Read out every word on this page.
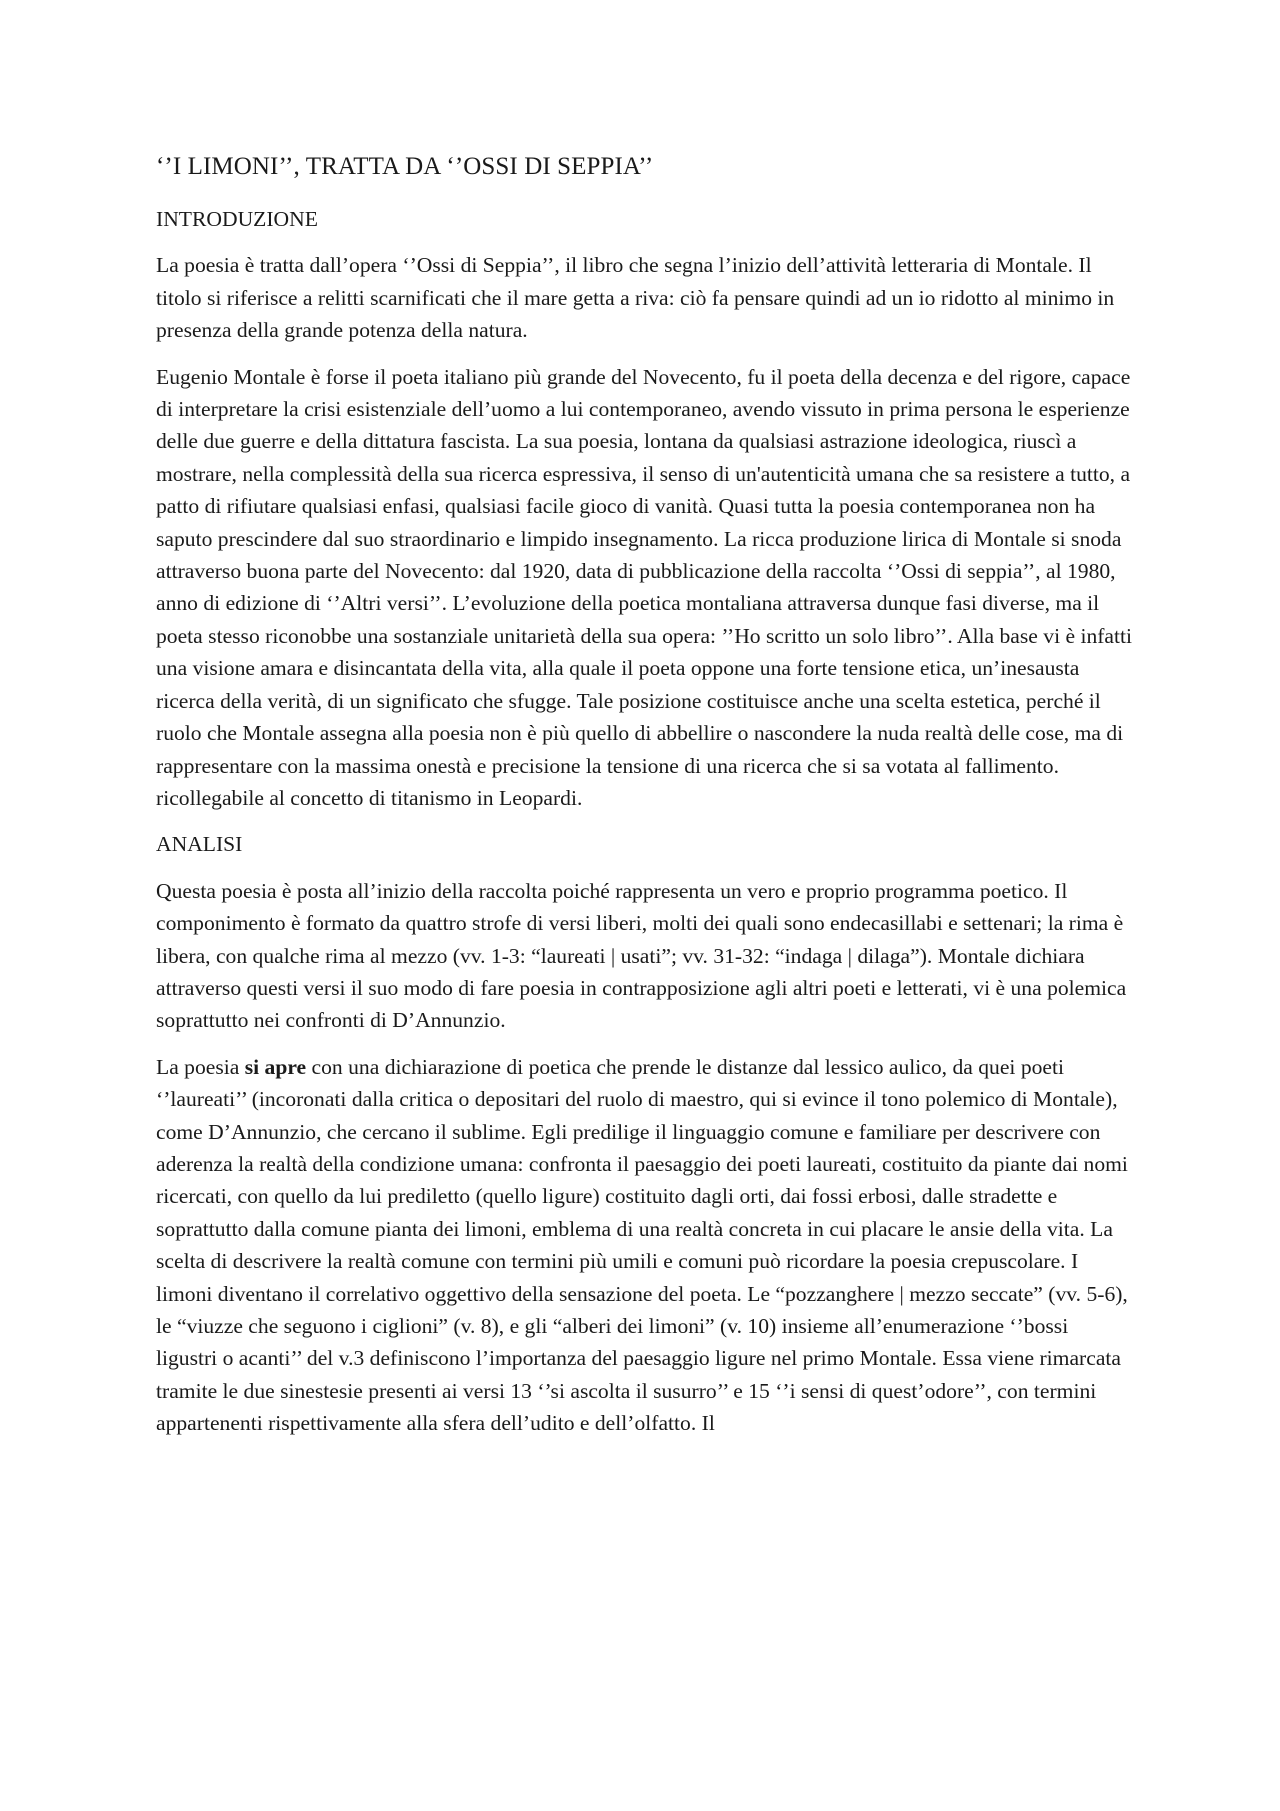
‘’I LIMONI’’, TRATTA DA ‘’OSSI DI SEPPIA’’
INTRODUZIONE

La poesia è tratta dall’opera ‘’Ossi di Seppia’’, il libro che segna l’inizio dell’attività letteraria di Montale. Il titolo si riferisce a relitti scarnificati che il mare getta a riva: ciò fa pensare quindi ad un io ridotto al minimo in presenza della grande potenza della natura.

Eugenio Montale è forse il poeta italiano più grande del Novecento, fu il poeta della decenza e del rigore, capace di interpretare la crisi esistenziale dell’uomo a lui contemporaneo, avendo vissuto in prima persona le esperienze delle due guerre e della dittatura fascista. La sua poesia, lontana da qualsiasi astrazione ideologica, riuscì a mostrare, nella complessità della sua ricerca espressiva, il senso di un'autenticità umana che sa resistere a tutto, a patto di rifiutare qualsiasi enfasi, qualsiasi facile gioco di vanità. Quasi tutta la poesia contemporanea non ha saputo prescindere dal suo straordinario e limpido insegnamento. La ricca produzione lirica di Montale si snoda attraverso buona parte del Novecento: dal 1920, data di pubblicazione della raccolta ‘’Ossi di seppia’’, al 1980, anno di edizione di ‘’Altri versi’’. L’evoluzione della poetica montaliana attraversa dunque fasi diverse, ma il poeta stesso riconobbe una sostanziale unitarietà della sua opera: ’’Ho scritto un solo libro’’. Alla base vi è infatti una visione amara e disincantata della vita, alla quale il poeta oppone una forte tensione etica, un’inesausta ricerca della verità, di un significato che sfugge. Tale posizione costituisce anche una scelta estetica, perché il ruolo che Montale assegna alla poesia non è più quello di abbellire o nascondere la nuda realtà delle cose, ma di rappresentare con la massima onestà e precisione la tensione di una ricerca che si sa votata al fallimento. ricollegabile al concetto di titanismo in Leopardi.

ANALISI

Questa poesia è posta all’inizio della raccolta poiché rappresenta un vero e proprio programma poetico. Il componimento è formato da quattro strofe di versi liberi, molti dei quali sono endecasillabi e settenari; la rima è libera, con qualche rima al mezzo (vv. 1-3: “laureati | usati”; vv. 31-32: “indaga | dilaga”). Montale dichiara attraverso questi versi il suo modo di fare poesia in contrapposizione agli altri poeti e letterati, vi è una polemica soprattutto nei confronti di D’Annunzio.

La poesia si apre con una dichiarazione di poetica che prende le distanze dal lessico aulico, da quei poeti ‘’laureati’’ (incoronati dalla critica o depositari del ruolo di maestro, qui si evince il tono polemico di Montale), come D’Annunzio, che cercano il sublime. Egli predilige il linguaggio comune e familiare per descrivere con aderenza la realtà della condizione umana: confronta il paesaggio dei poeti laureati, costituito da piante dai nomi ricercati, con quello da lui prediletto (quello ligure) costituito dagli orti, dai fossi erbosi, dalle stradette e soprattutto dalla comune pianta dei limoni, emblema di una realtà concreta in cui placare le ansie della vita. La scelta di descrivere la realtà comune con termini più umili e comuni può ricordare la poesia crepuscolare. I limoni diventano il correlativo oggettivo della sensazione del poeta. Le “pozzanghere | mezzo seccate” (vv. 5-6), le “viuzze che seguono i ciglioni” (v. 8), e gli “alberi dei limoni” (v. 10) insieme all’enumerazione ‘’bossi ligustri o acanti’’ del v.3 definiscono l’importanza del paesaggio ligure nel primo Montale. Essa viene rimarcata tramite le due sinestesie presenti ai versi 13 ‘’si ascolta il susurro’’ e 15 ‘’i sensi di quest’odore’’, con termini appartenenti rispettivamente alla sfera dell’udito e dell’olfatto. Il
